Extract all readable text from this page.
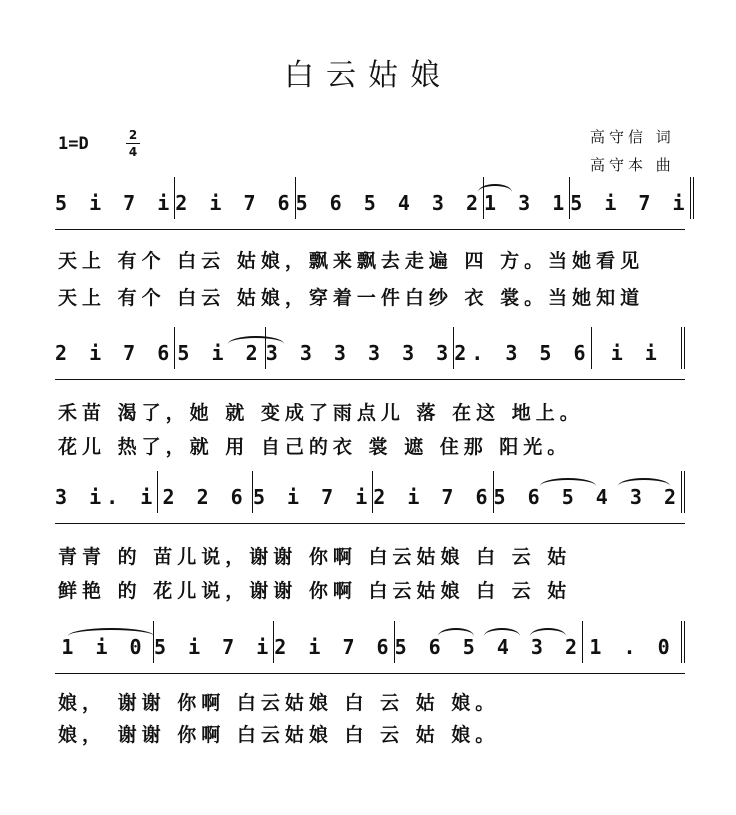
白云姑娘
1=D	2
4
高守信 词
高守本 曲
5 i 7 i 2 i 7 6 5 6 5 4 3 2 1 3 1 5 i 7 i
天上 有个 白云 姑娘，飘来飘去走遍 四 方。当她看见
天上 有个 白云 姑娘，穿着一件白纱 衣 裳。当她知道
2 i 7 6 5 i 2 3 3 3 3 3 3 2. 3 5 6 i i
禾苗 渴了，她 就 变成了雨点儿 落 在这 地上。
花儿 热了，就 用 自己的衣 裳 遮 住那 阳光。
3 i. i 2 2 6 5 i 7 i 2 i 7 6 5 6 5 4 3 2
青青 的 苗儿说，谢谢 你啊 白云姑娘 白 云 姑
鲜艳 的 花儿说，谢谢 你啊 白云姑娘 白 云 姑
1 i 0 5 i 7 i 2 i 7 6 5 6 5 4 3 2 1 . 0
娘， 谢谢 你啊 白云姑娘 白 云 姑 娘。
娘， 谢谢 你啊 白云姑娘 白 云 姑 娘。
